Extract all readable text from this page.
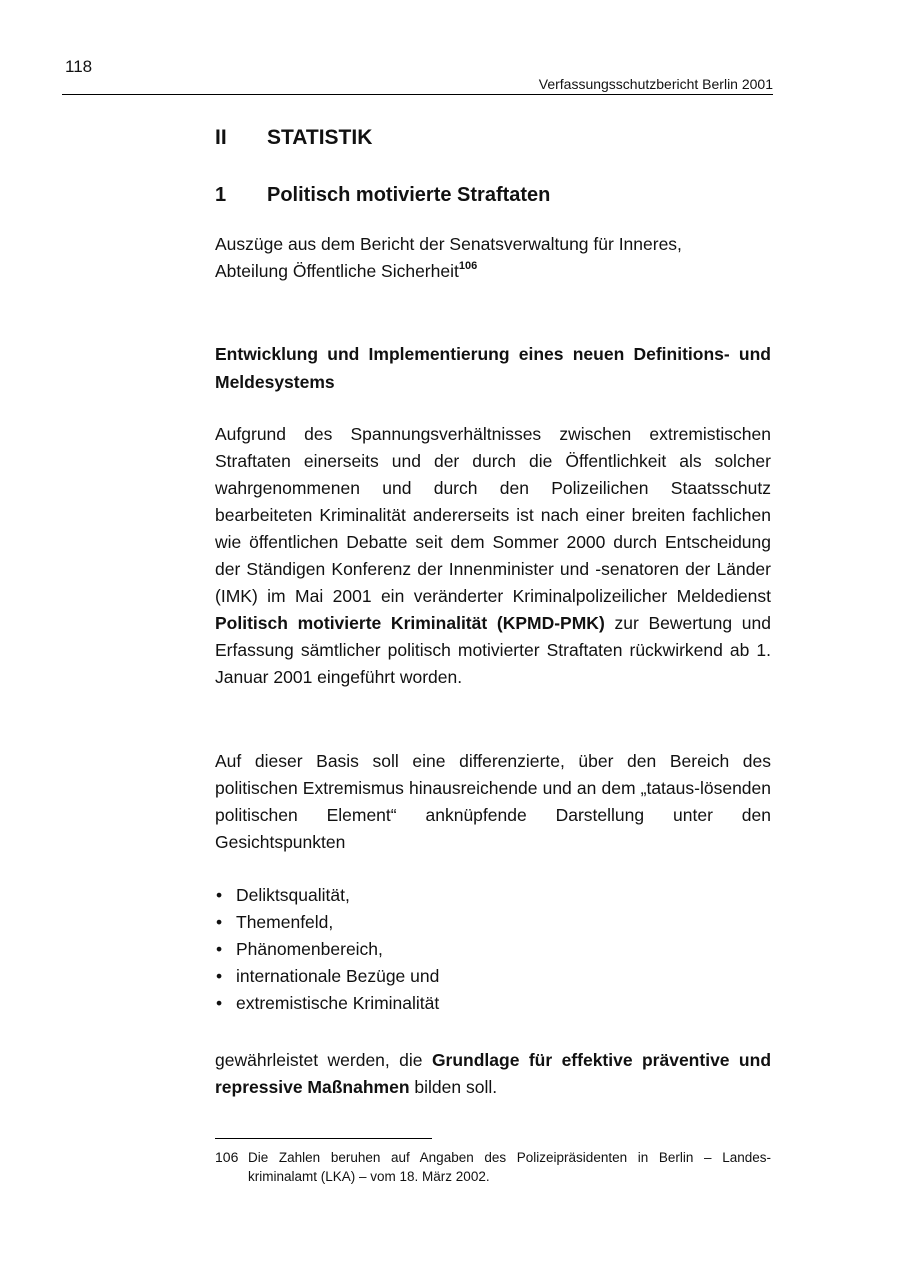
118
Verfassungsschutzbericht Berlin 2001
II STATISTIK
1 Politisch motivierte Straftaten
Auszüge aus dem Bericht der Senatsverwaltung für Inneres,
Abteilung Öffentliche Sicherheit$^{106}$
Entwicklung und Implementierung eines neuen Definitions- und Meldesystems
Aufgrund des Spannungsverhältnisses zwischen extremistischen Straftaten einerseits und der durch die Öffentlichkeit als solcher wahrgenommenen und durch den Polizeilichen Staatsschutz bearbeiteten Kriminalität andererseits ist nach einer breiten fachlichen wie öffentlichen Debatte seit dem Sommer 2000 durch Entscheidung der Ständigen Konferenz der Innenminister und -senatoren der Länder (IMK) im Mai 2001 ein veränderter Kriminalpolizeilicher Meldedienst Politisch motivierte Kriminalität (KPMD-PMK) zur Bewertung und Erfassung sämtlicher politisch motivierter Straftaten rückwirkend ab 1. Januar 2001 eingeführt worden.
Auf dieser Basis soll eine differenzierte, über den Bereich des politischen Extremismus hinausreichende und an dem „tataus-lösenden politischen Element“ anknüpfende Darstellung unter den Gesichtspunkten
• Deliktsqualität,
• Themenfeld,
• Phänomenbereich,
• internationale Bezüge und
• extremistische Kriminalität
gewährleistet werden, die Grundlage für effektive präventive und repressive Maßnahmen bilden soll.
106 Die Zahlen beruhen auf Angaben des Polizeipräsidenten in Berlin – Landes-kriminalamt (LKA) – vom 18. März 2002.
